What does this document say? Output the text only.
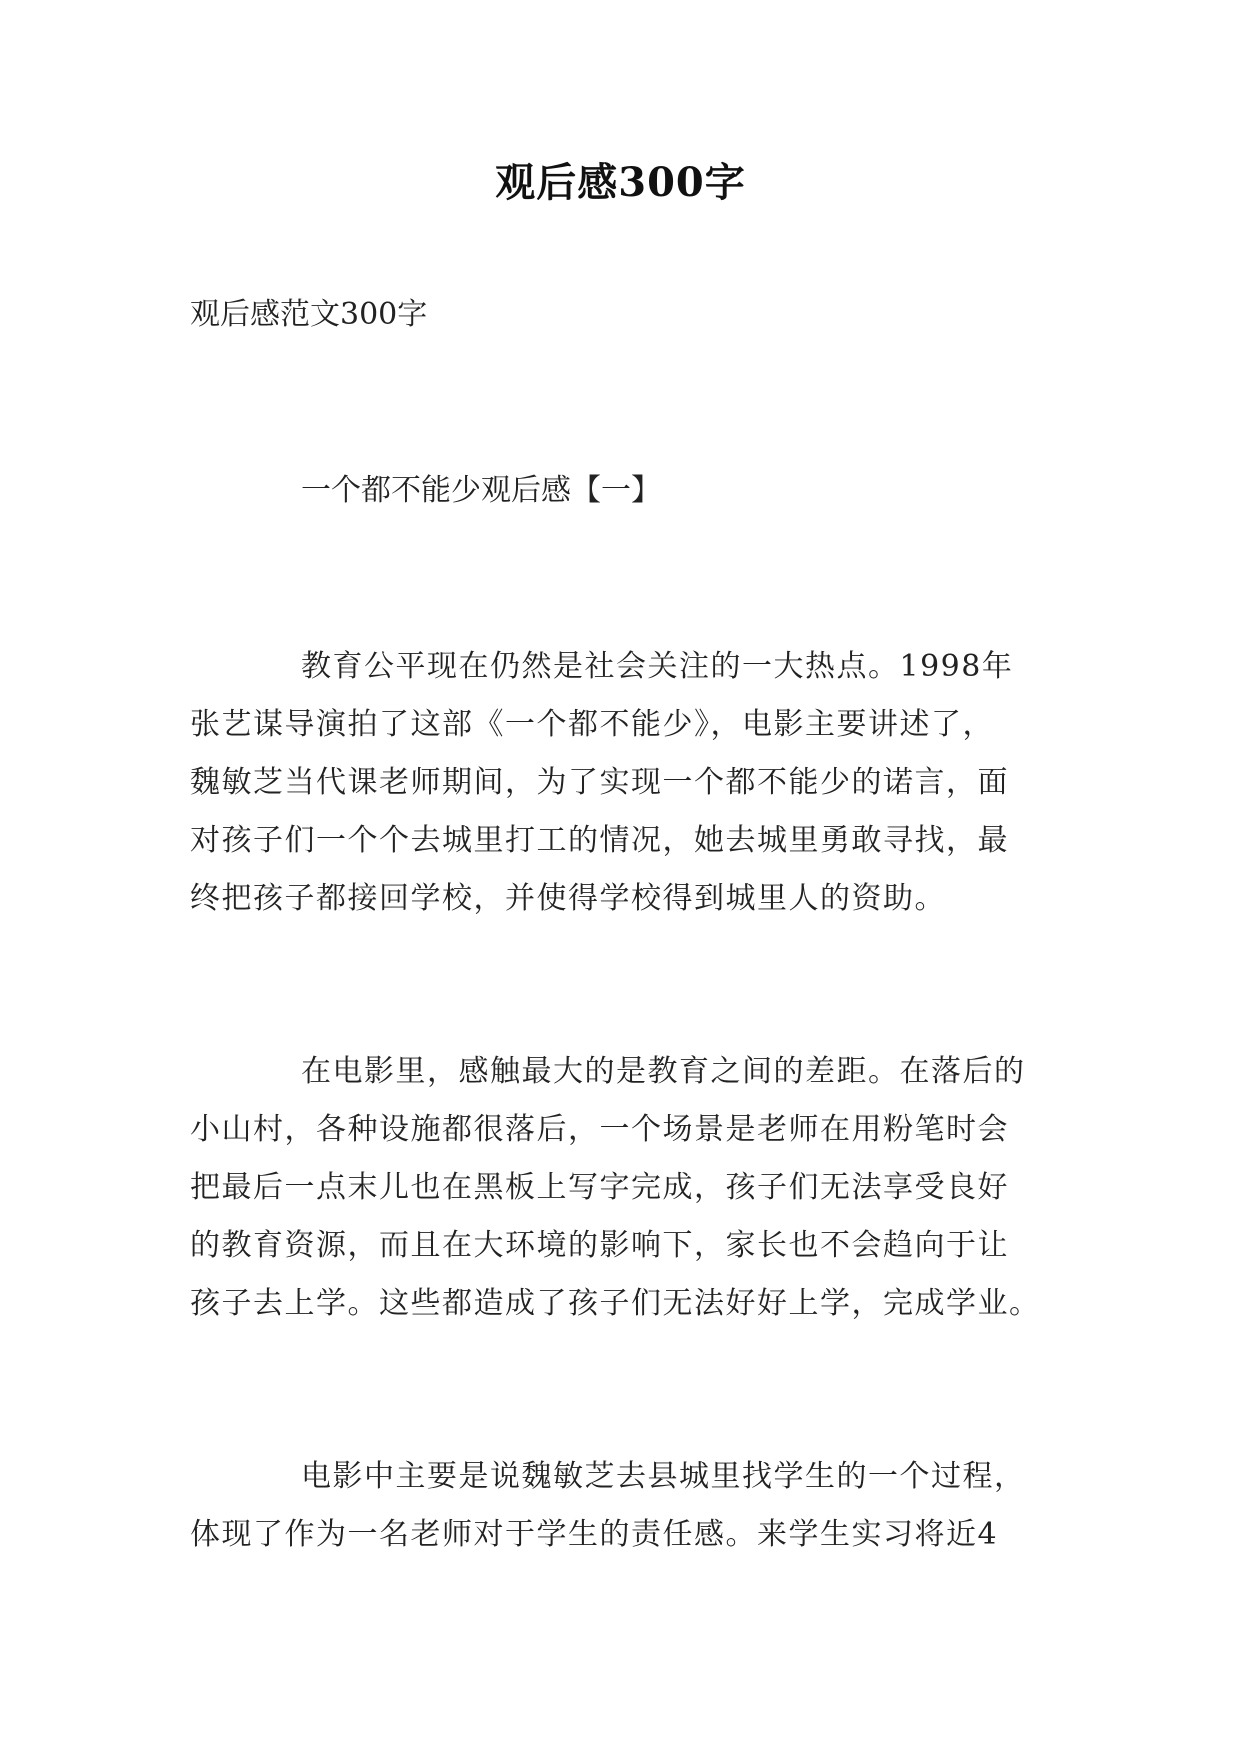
观后感300字
观后感范文300字
一个都不能少观后感【一】
教育公平现在仍然是社会关注的一大热点。1998年
张艺谋导演拍了这部《一个都不能少》，电影主要讲述了，
魏敏芝当代课老师期间，为了实现一个都不能少的诺言，面
对孩子们一个个去城里打工的情况，她去城里勇敢寻找，最
终把孩子都接回学校，并使得学校得到城里人的资助。
在电影里，感触最大的是教育之间的差距。在落后的
小山村，各种设施都很落后，一个场景是老师在用粉笔时会
把最后一点末儿也在黑板上写字完成，孩子们无法享受良好
的教育资源，而且在大环境的影响下，家长也不会趋向于让
孩子去上学。这些都造成了孩子们无法好好上学，完成学业。
电影中主要是说魏敏芝去县城里找学生的一个过程，
体现了作为一名老师对于学生的责任感。来学生实习将近4
